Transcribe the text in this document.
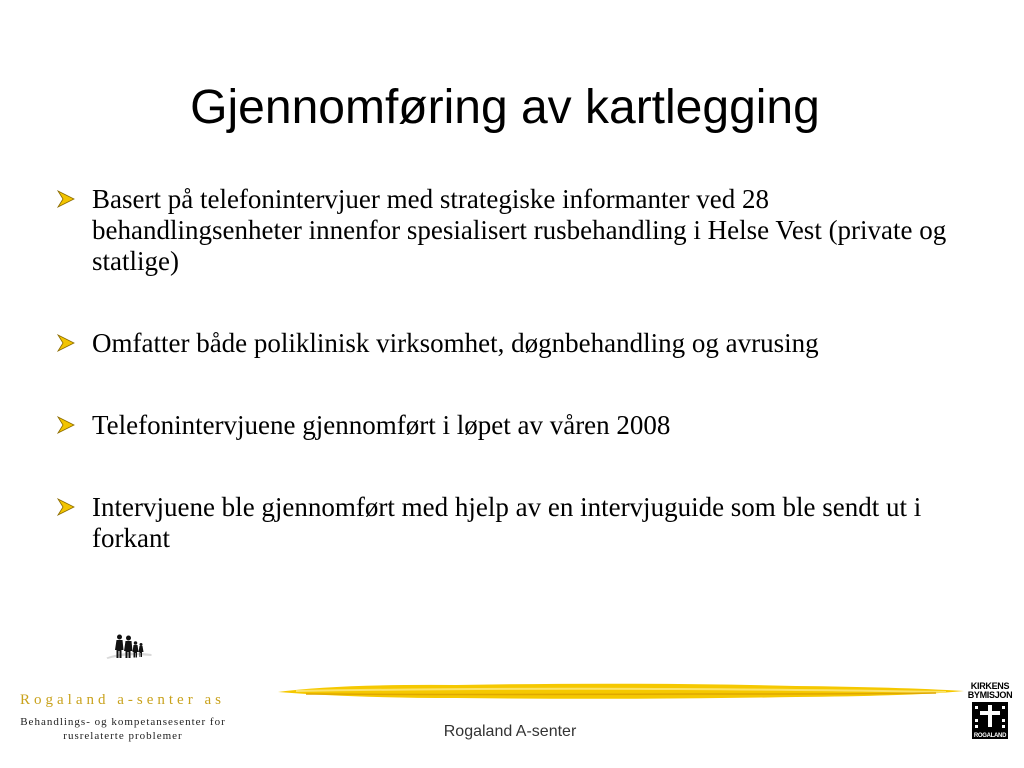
Gjennomføring av kartlegging
Basert på telefonintervjuer med strategiske informanter ved 28 behandlingsenheter innenfor spesialisert rusbehandling i Helse Vest (private og statlige)
Omfatter både poliklinisk virksomhet, døgnbehandling og avrusing
Telefonintervjuene gjennomført i løpet av våren 2008
Intervjuene ble gjennomført med hjelp av en intervjuguide som ble sendt ut i forkant
Rogaland a-senter as
Behandlings- og kompetansesenter for
rusrelaterte problemer	Rogaland A-senter
KIRKENS
BYMISJON
ROGALAND
